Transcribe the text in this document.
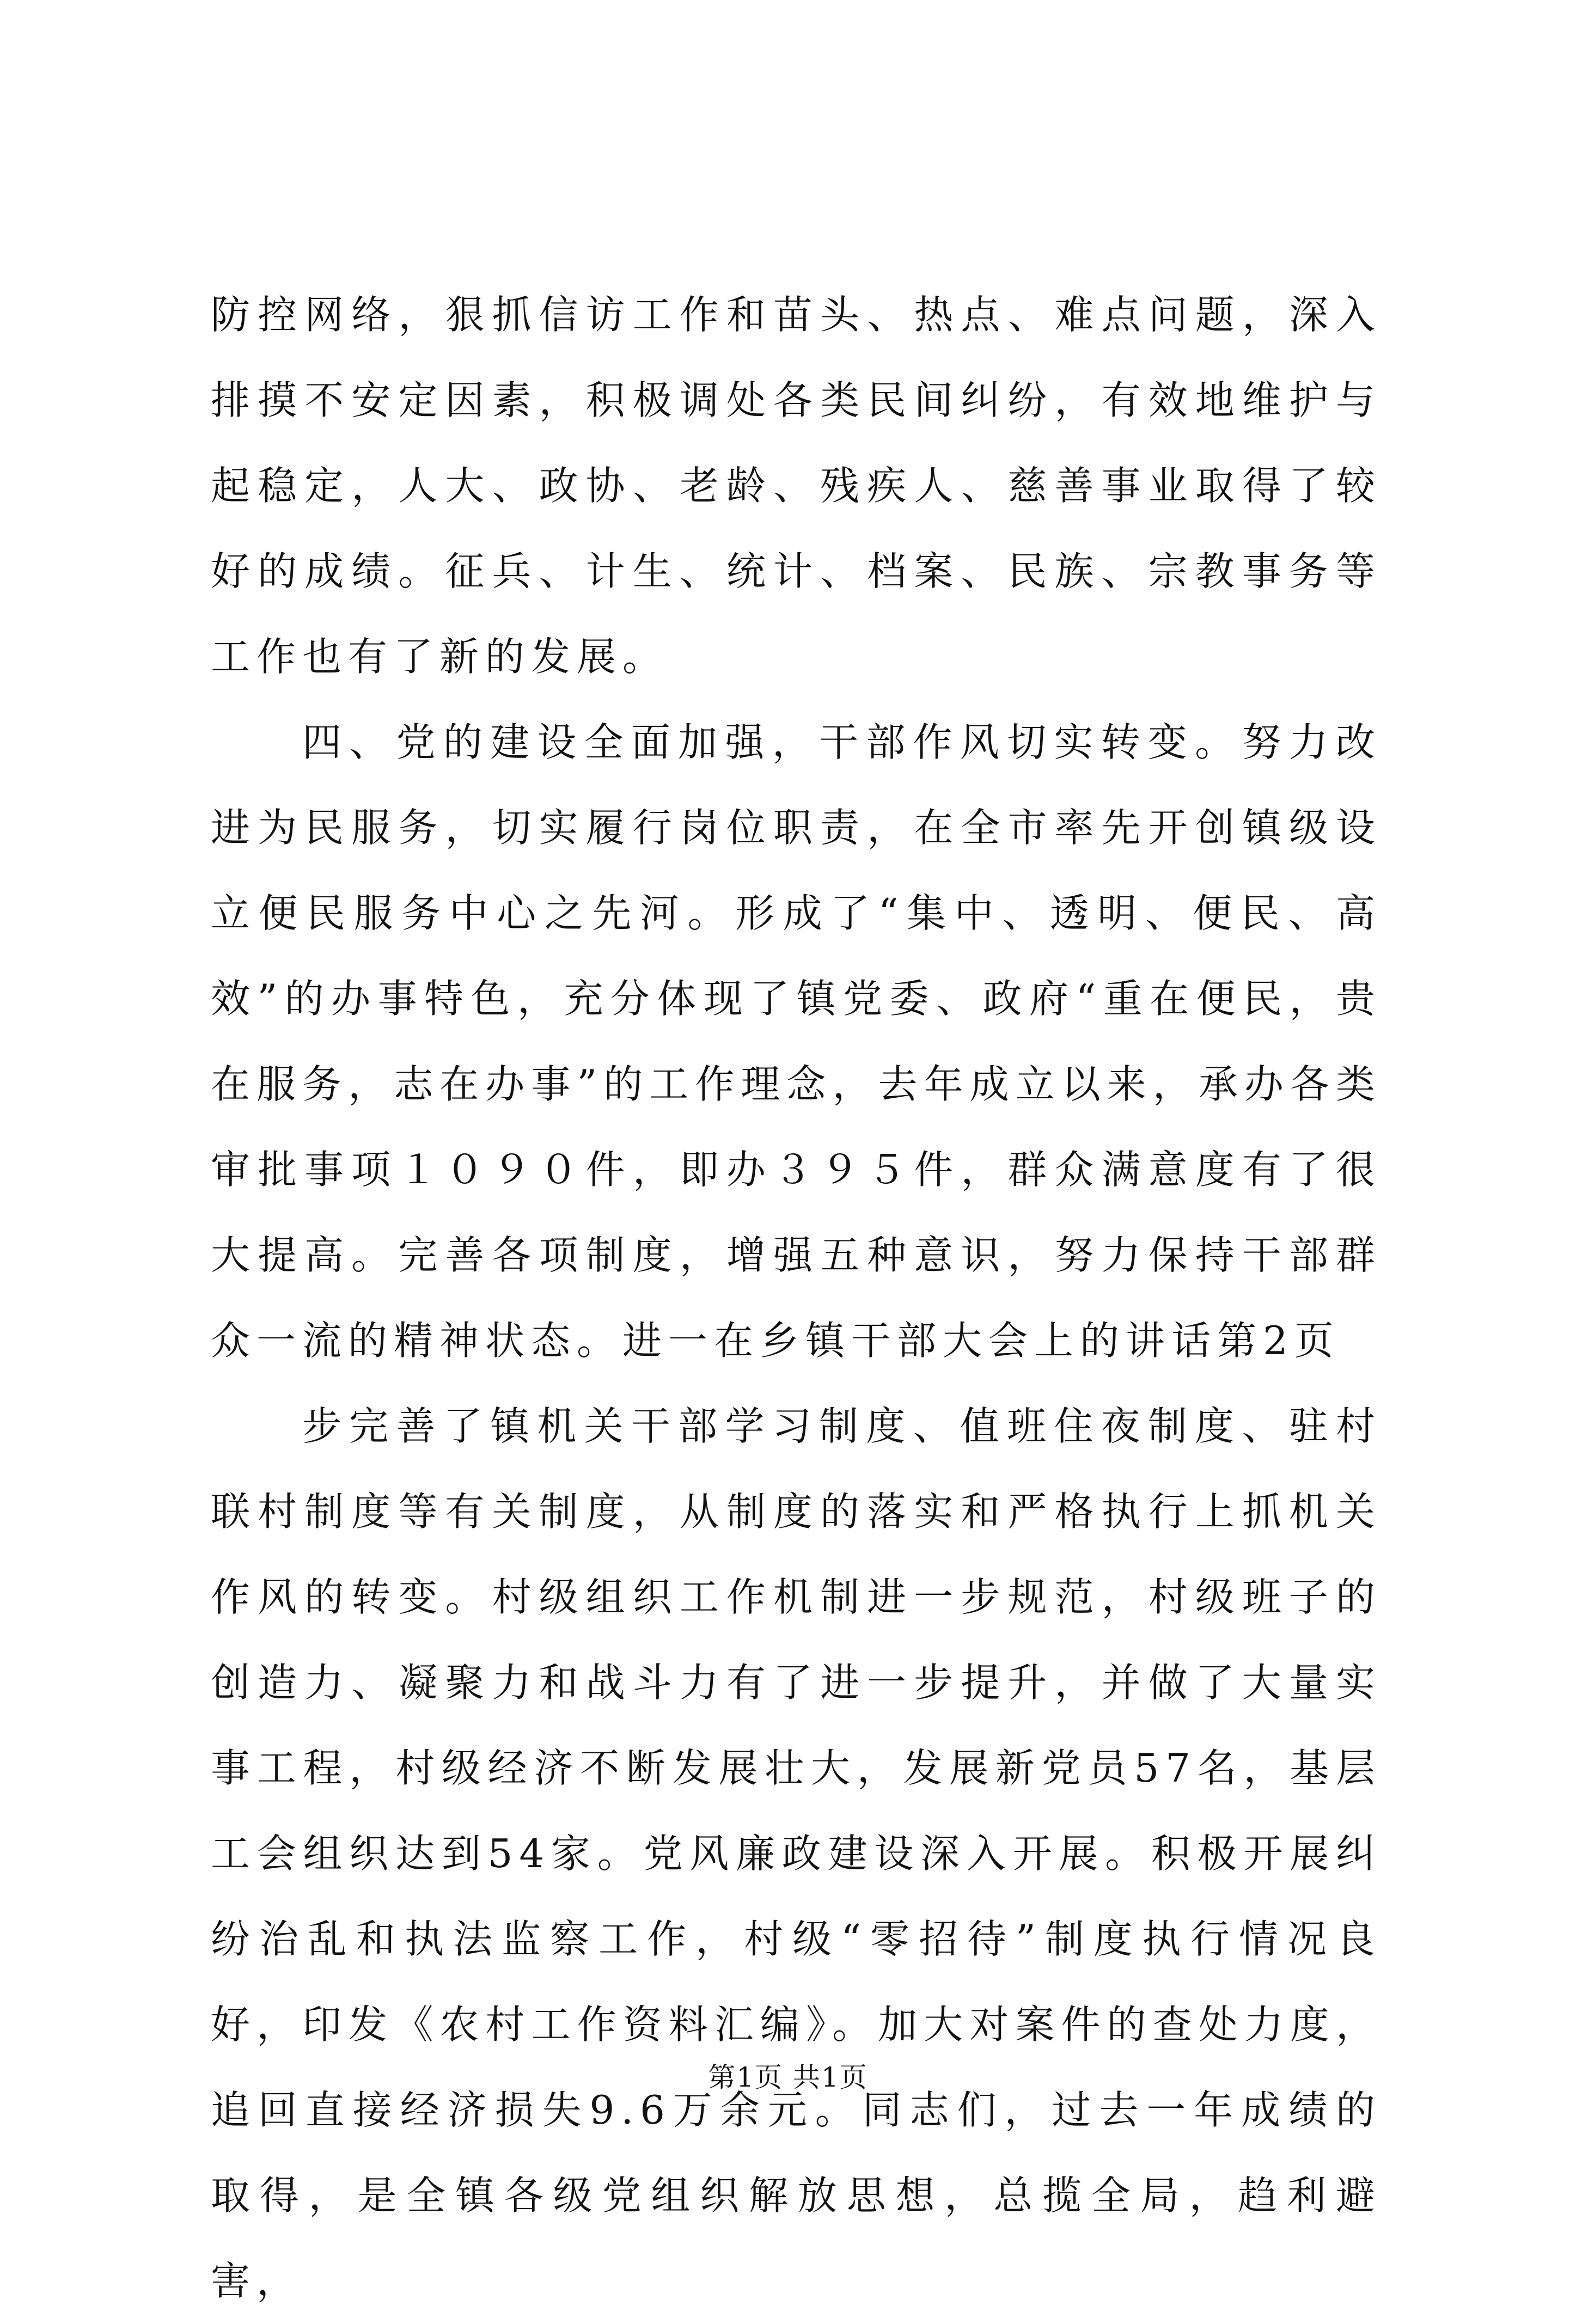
防控网络，狠抓信访工作和苗头、热点、难点问题，深入排摸不安定因素，积极调处各类民间纠纷，有效地维护与起稳定，人大、政协、老龄、残疾人、慈善事业取得了较好的成绩。征兵、计生、统计、档案、民族、宗教事务等工作也有了新的发展。

四、党的建设全面加强，干部作风切实转变。努力改进为民服务，切实履行岗位职责，在全市率先开创镇级设立便民服务中心之先河。形成了“集中、透明、便民、高效”的办事特色，充分体现了镇党委、政府“重在便民，贵在服务，志在办事”的工作理念，去年成立以来，承办各类审批事项１０９０件，即办３９５件，群众满意度有了很大提高。完善各项制度，增强五种意识，努力保持干部群众一流的精神状态。进一在乡镇干部大会上的讲话第2页

步完善了镇机关干部学习制度、值班住夜制度、驻村联村制度等有关制度，从制度的落实和严格执行上抓机关作风的转变。村级组织工作机制进一步规范，村级班子的创造力、凝聚力和战斗力有了进一步提升，并做了大量实事工程，村级经济不断发展壮大，发展新党员57名，基层工会组织达到54家。党风廉政建设深入开展。积极开展纠纷治乱和执法监察工作，村级“零招待”制度执行情况良好，印发《农村工作资料汇编》。加大对案件的查处力度，追回直接经济损失9.6万余元。同志们，过去一年成绩的取得，是全镇各级党组织解放思想，总揽全局，趋利避害，

第1页 共1页
